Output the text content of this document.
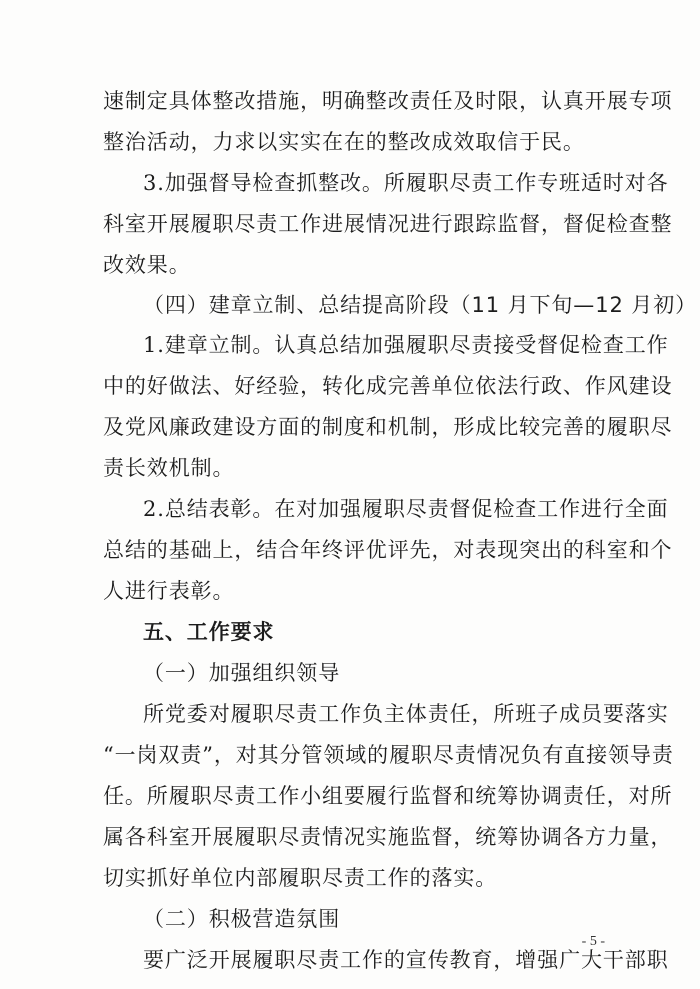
速制定具体整改措施，明确整改责任及时限，认真开展专项
整治活动，力求以实实在在的整改成效取信于民。
3.加强督导检查抓整改。所履职尽责工作专班适时对各
科室开展履职尽责工作进展情况进行跟踪监督，督促检查整
改效果。
（四）建章立制、总结提高阶段（11 月下旬—12 月初）
1.建章立制。认真总结加强履职尽责接受督促检查工作
中的好做法、好经验，转化成完善单位依法行政、作风建设
及党风廉政建设方面的制度和机制，形成比较完善的履职尽
责长效机制。
2.总结表彰。在对加强履职尽责督促检查工作进行全面
总结的基础上，结合年终评优评先，对表现突出的科室和个
人进行表彰。
五、工作要求
（一）加强组织领导
所党委对履职尽责工作负主体责任，所班子成员要落实
“一岗双责”，对其分管领域的履职尽责情况负有直接领导责
任。所履职尽责工作小组要履行监督和统筹协调责任，对所
属各科室开展履职尽责情况实施监督，统筹协调各方力量，
切实抓好单位内部履职尽责工作的落实。
（二）积极营造氛围
要广泛开展履职尽责工作的宣传教育，增强广大干部职
- 5 -
